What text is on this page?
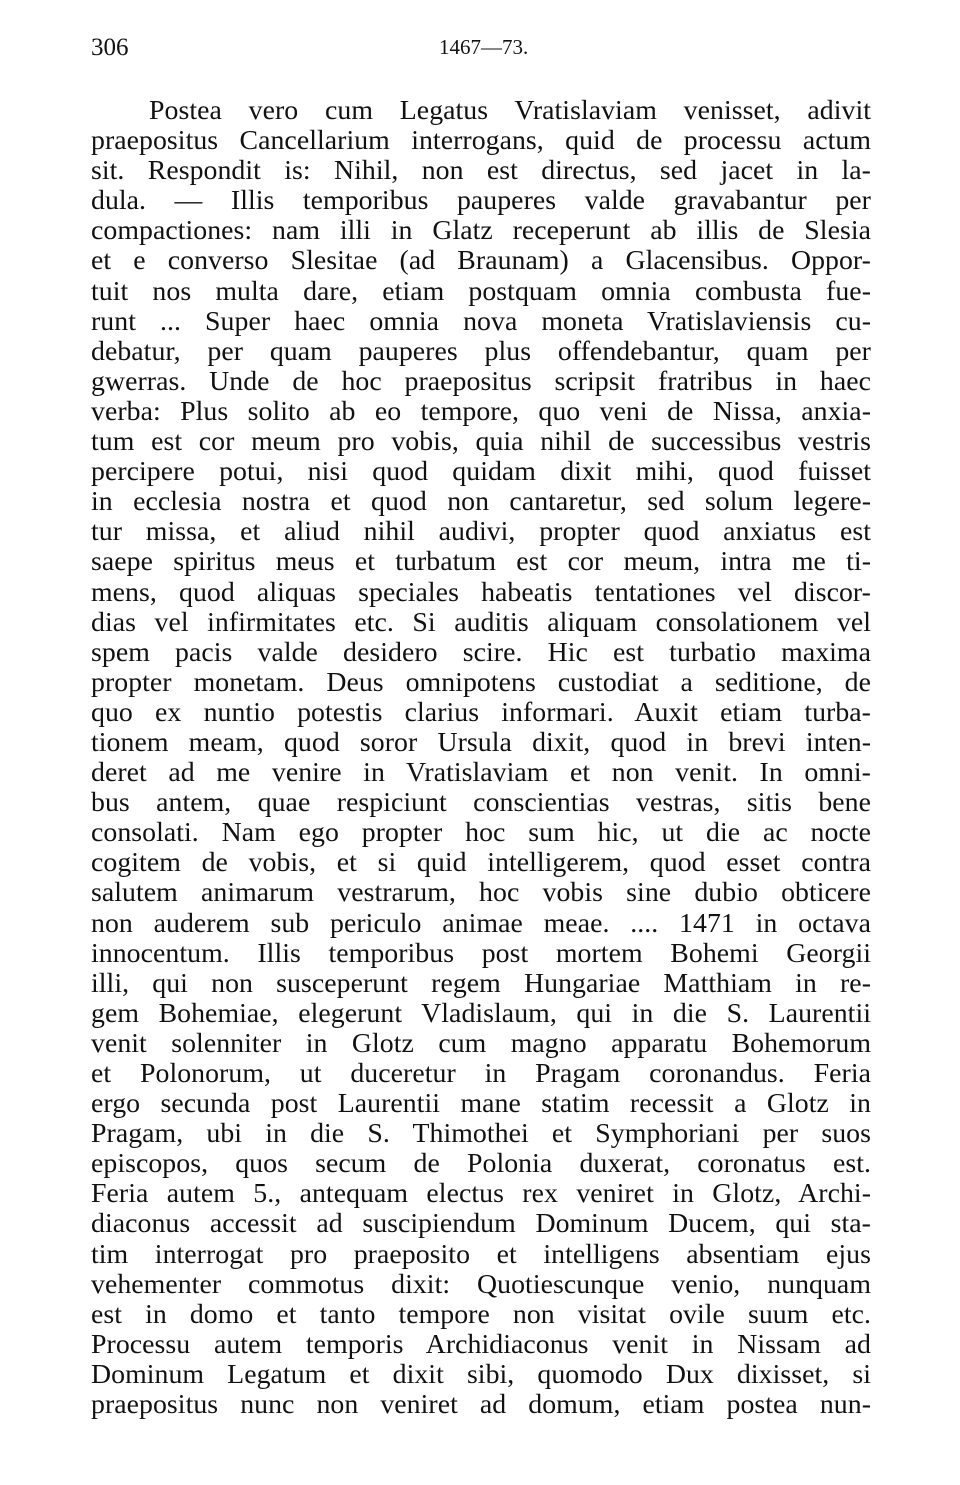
306	1467—73.
Postea vero cum Legatus Vratislaviam venisset, adivit
praepositus Cancellarium interrogans, quid de processu actum
sit. Respondit is: Nihil, non est directus, sed jacet in la-
dula. — Illis temporibus pauperes valde gravabantur per
compactiones: nam illi in Glatz receperunt ab illis de Slesia
et e converso Slesitae (ad Braunam) a Glacensibus. Oppor-
tuit nos multa dare, etiam postquam omnia combusta fue-
runt ... Super haec omnia nova moneta Vratislaviensis cu-
debatur, per quam pauperes plus offendebantur, quam per
gwerras. Unde de hoc praepositus scripsit fratribus in haec
verba: Plus solito ab eo tempore, quo veni de Nissa, anxia-
tum est cor meum pro vobis, quia nihil de successibus vestris
percipere potui, nisi quod quidam dixit mihi, quod fuisset
in ecclesia nostra et quod non cantaretur, sed solum legere-
tur missa, et aliud nihil audivi, propter quod anxiatus est
saepe spiritus meus et turbatum est cor meum, intra me ti-
mens, quod aliquas speciales habeatis tentationes vel discor-
dias vel infirmitates etc. Si auditis aliquam consolationem vel
spem pacis valde desidero scire. Hic est turbatio maxima
propter monetam. Deus omnipotens custodiat a seditione, de
quo ex nuntio potestis clarius informari. Auxit etiam turba-
tionem meam, quod soror Ursula dixit, quod in brevi inten-
deret ad me venire in Vratislaviam et non venit. In omni-
bus antem, quae respiciunt conscientias vestras, sitis bene
consolati. Nam ego propter hoc sum hic, ut die ac nocte
cogitem de vobis, et si quid intelligerem, quod esset contra
salutem animarum vestrarum, hoc vobis sine dubio obticere
non auderem sub periculo animae meae. .... 1471 in octava
innocentum. Illis temporibus post mortem Bohemi Georgii
illi, qui non susceperunt regem Hungariae Matthiam in re-
gem Bohemiae, elegerunt Vladislaum, qui in die S. Laurentii
venit solenniter in Glotz cum magno apparatu Bohemorum
et Polonorum, ut duceretur in Pragam coronandus. Feria
ergo secunda post Laurentii mane statim recessit a Glotz in
Pragam, ubi in die S. Thimothei et Symphoriani per suos
episcopos, quos secum de Polonia duxerat, coronatus est.
Feria autem 5., antequam electus rex veniret in Glotz, Archi-
diaconus accessit ad suscipiendum Dominum Ducem, qui sta-
tim interrogat pro praeposito et intelligens absentiam ejus
vehementer commotus dixit: Quotiescunque venio, nunquam
est in domo et tanto tempore non visitat ovile suum etc.
Processu autem temporis Archidiaconus venit in Nissam ad
Dominum Legatum et dixit sibi, quomodo Dux dixisset, si
praepositus nunc non veniret ad domum, etiam postea nun-
